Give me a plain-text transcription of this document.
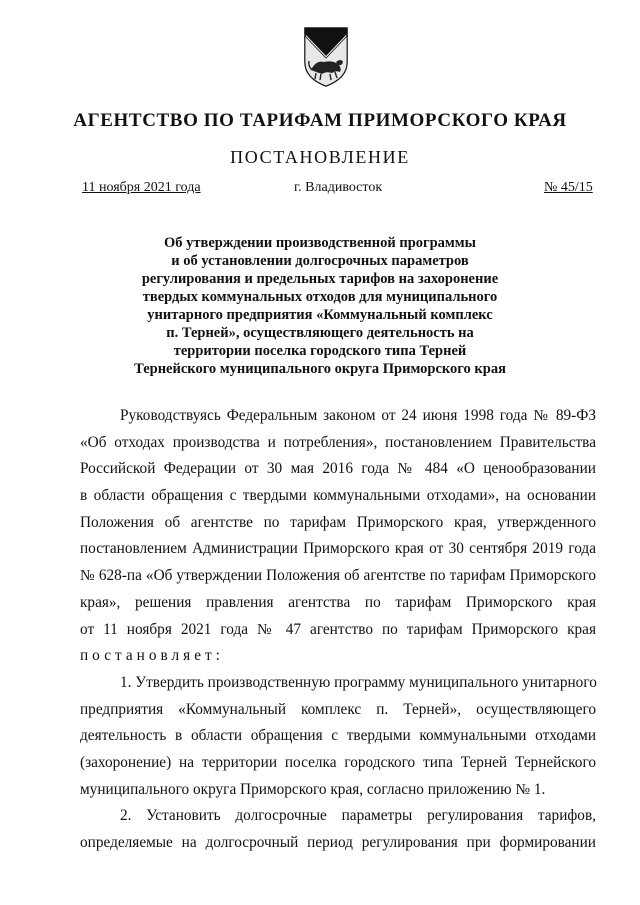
АГЕНТСТВО ПО ТАРИФАМ ПРИМОРСКОГО КРАЯ
ПОСТАНОВЛЕНИЕ
11 ноября 2021 года	г. Владивосток	№ 45/15
Об утверждении производственной программы
и об установлении долгосрочных параметров
регулирования и предельных тарифов на захоронение
твердых коммунальных отходов для муниципального
унитарного предприятия «Коммунальный комплекс
п. Терней», осуществляющего деятельность на
территории поселка городского типа Терней
Тернейского муниципального округа Приморского края
Руководствуясь Федеральным законом от 24 июня 1998 года № 89-ФЗ
«Об отходах производства и потребления», постановлением Правительства
Российской Федерации от 30 мая 2016 года № 484 «О ценообразовании
в области обращения с твердыми коммунальными отходами», на основании
Положения об агентстве по тарифам Приморского края, утвержденного
постановлением Администрации Приморского края от 30 сентября 2019 года
№ 628-па «Об утверждении Положения об агентстве по тарифам Приморского
края», решения правления агентства по тарифам Приморского края
от 11 ноября 2021 года № 47 агентство по тарифам Приморского края
постановляет:
1. Утвердить производственную программу муниципального унитарного
предприятия «Коммунальный комплекс п. Терней», осуществляющего
деятельность в области обращения с твердыми коммунальными отходами
(захоронение) на территории поселка городского типа Терней Тернейского
муниципального округа Приморского края, согласно приложению № 1.
2. Установить долгосрочные параметры регулирования тарифов,
определяемые на долгосрочный период регулирования при формировании
